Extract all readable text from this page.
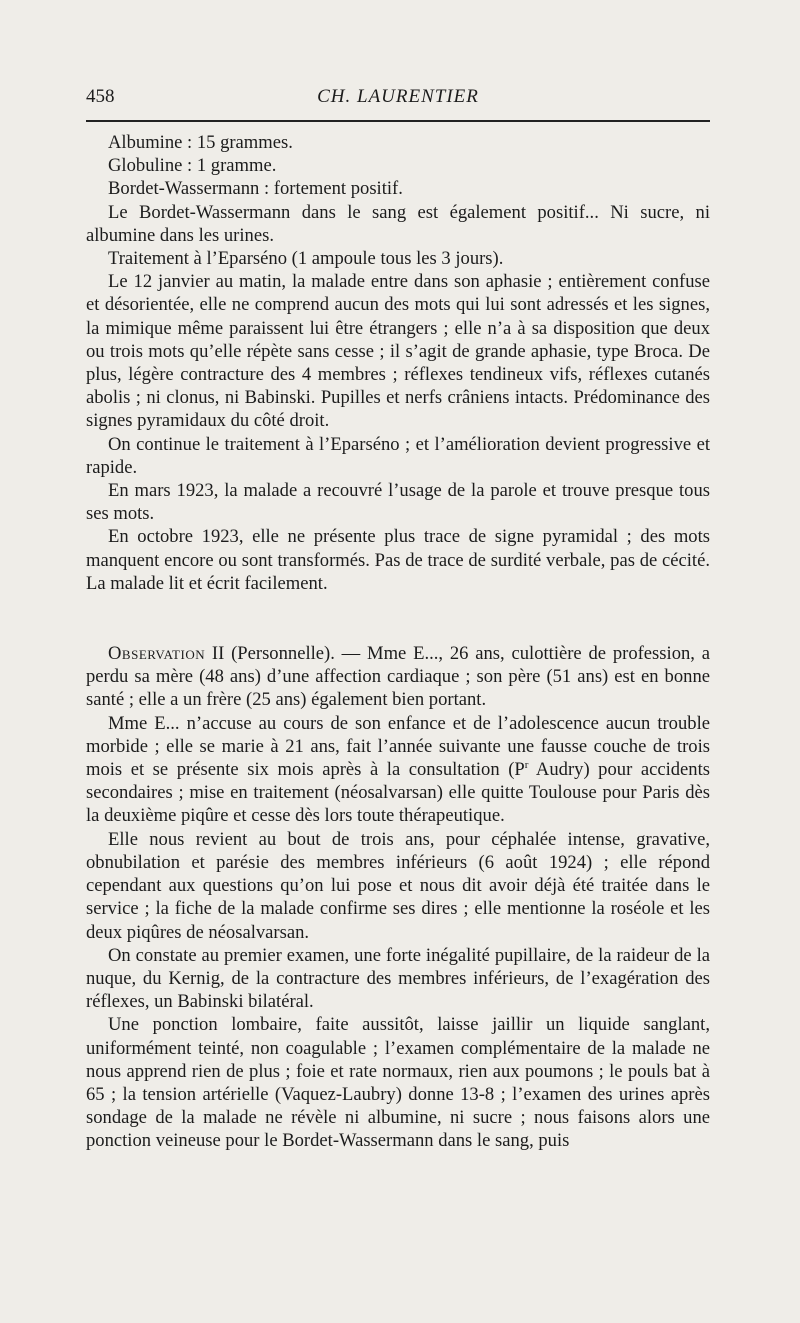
458	CH. LAURENTIER

Albumine : 15 grammes.

Globuline : 1 gramme.

Bordet-Wassermann : fortement positif.

Le Bordet-Wassermann dans le sang est également positif... Ni sucre, ni albumine dans les urines.

Traitement à l’Eparséno (1 ampoule tous les 3 jours).

Le 12 janvier au matin, la malade entre dans son aphasie ; entièrement confuse et désorientée, elle ne comprend aucun des mots qui lui sont adressés et les signes, la mimique même paraissent lui être étrangers ; elle n’a à sa disposition que deux ou trois mots qu’elle répète sans cesse ; il s’agit de grande aphasie, type Broca. De plus, légère contracture des 4 membres ; réflexes tendineux vifs, réflexes cutanés abolis ; ni clonus, ni Babinski. Pupilles et nerfs crâniens intacts. Prédominance des signes pyramidaux du côté droit.

On continue le traitement à l’Eparséno ; et l’amélioration devient progressive et rapide.

En mars 1923, la malade a recouvré l’usage de la parole et trouve presque tous ses mots.

En octobre 1923, elle ne présente plus trace de signe pyramidal ; des mots manquent encore ou sont transformés. Pas de trace de surdité verbale, pas de cécité. La malade lit et écrit facilement.

Observation II (Personnelle). — Mme E..., 26 ans, culottière de profession, a perdu sa mère (48 ans) d’une affection cardiaque ; son père (51 ans) est en bonne santé ; elle a un frère (25 ans) également bien portant.

Mme E... n’accuse au cours de son enfance et de l’adolescence aucun trouble morbide ; elle se marie à 21 ans, fait l’année suivante une fausse couche de trois mois et se présente six mois après à la consultation ($P^r$ Audry) pour accidents secondaires ; mise en traitement (néosalvarsan) elle quitte Toulouse pour Paris dès la deuxième piqûre et cesse dès lors toute thérapeutique.

Elle nous revient au bout de trois ans, pour céphalée intense, gravative, obnubilation et parésie des membres inférieurs (6 août 1924) ; elle répond cependant aux questions qu’on lui pose et nous dit avoir déjà été traitée dans le service ; la fiche de la malade confirme ses dires ; elle mentionne la roséole et les deux piqûres de néosalvarsan.

On constate au premier examen, une forte inégalité pupillaire, de la raideur de la nuque, du Kernig, de la contracture des membres inférieurs, de l’exagération des réflexes, un Babinski bilatéral.

Une ponction lombaire, faite aussitôt, laisse jaillir un liquide sanglant, uniformément teinté, non coagulable ; l’examen complémentaire de la malade ne nous apprend rien de plus ; foie et rate normaux, rien aux poumons ; le pouls bat à 65 ; la tension artérielle (Vaquez-Laubry) donne 13-8 ; l’examen des urines après sondage de la malade ne révèle ni albumine, ni sucre ; nous faisons alors une ponction veineuse pour le Bordet-Wassermann dans le sang, puis
